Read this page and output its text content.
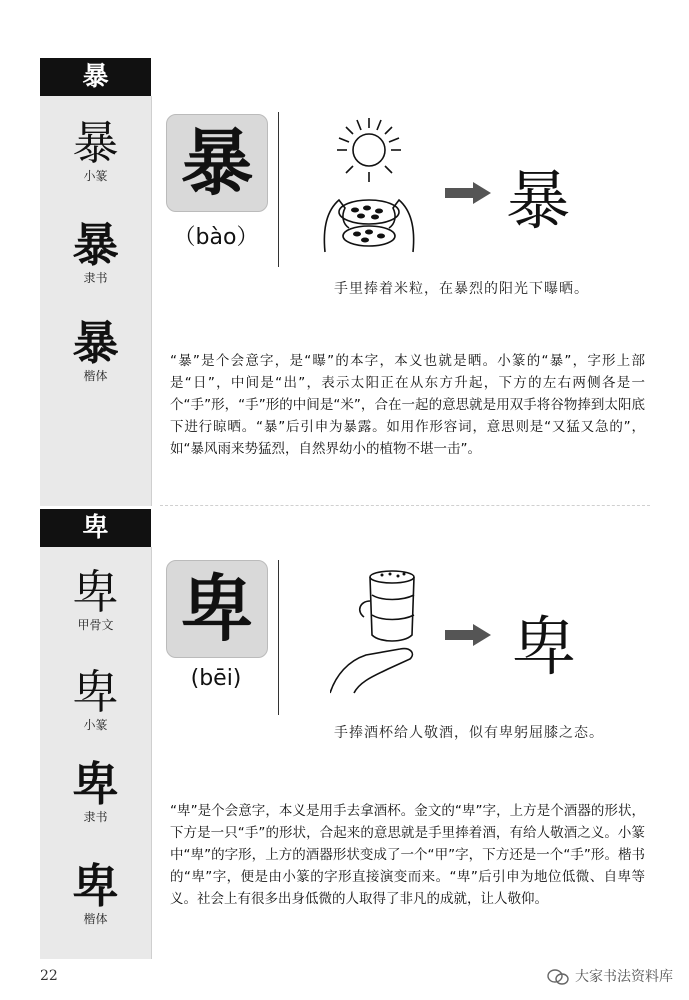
暴
暴
小篆
暴
隶书
暴
楷体
暴
（bào）	暴
手里捧着米粒，在暴烈的阳光下曝晒。
“暴”是个会意字，是“曝”的本字，本义也就是晒。小篆的“暴”，字形上部是“日”，中间是“出”，表示太阳正在从东方升起，下方的左右两侧各是一个“手”形，“手”形的中间是“米”，合在一起的意思就是用双手将谷物捧到太阳底下进行晾晒。“暴”后引申为暴露。如用作形容词，意思则是“又猛又急的”，如“暴风雨来势猛烈，自然界幼小的植物不堪一击”。
卑
卑
甲骨文
卑
小篆
卑
隶书
卑
楷体
卑
(bēi)	卑
手捧酒杯给人敬酒，似有卑躬屈膝之态。
“卑”是个会意字，本义是用手去拿酒杯。金文的“卑”字，上方是个酒器的形状，下方是一只“手”的形状，合起来的意思就是手里捧着酒，有给人敬酒之义。小篆中“卑”的字形，上方的酒器形状变成了一个“甲”字，下方还是一个“手”形。楷书的“卑”字，便是由小篆的字形直接演变而来。“卑”后引申为地位低微、自卑等义。社会上有很多出身低微的人取得了非凡的成就，让人敬仰。
22	大家书法资料库
